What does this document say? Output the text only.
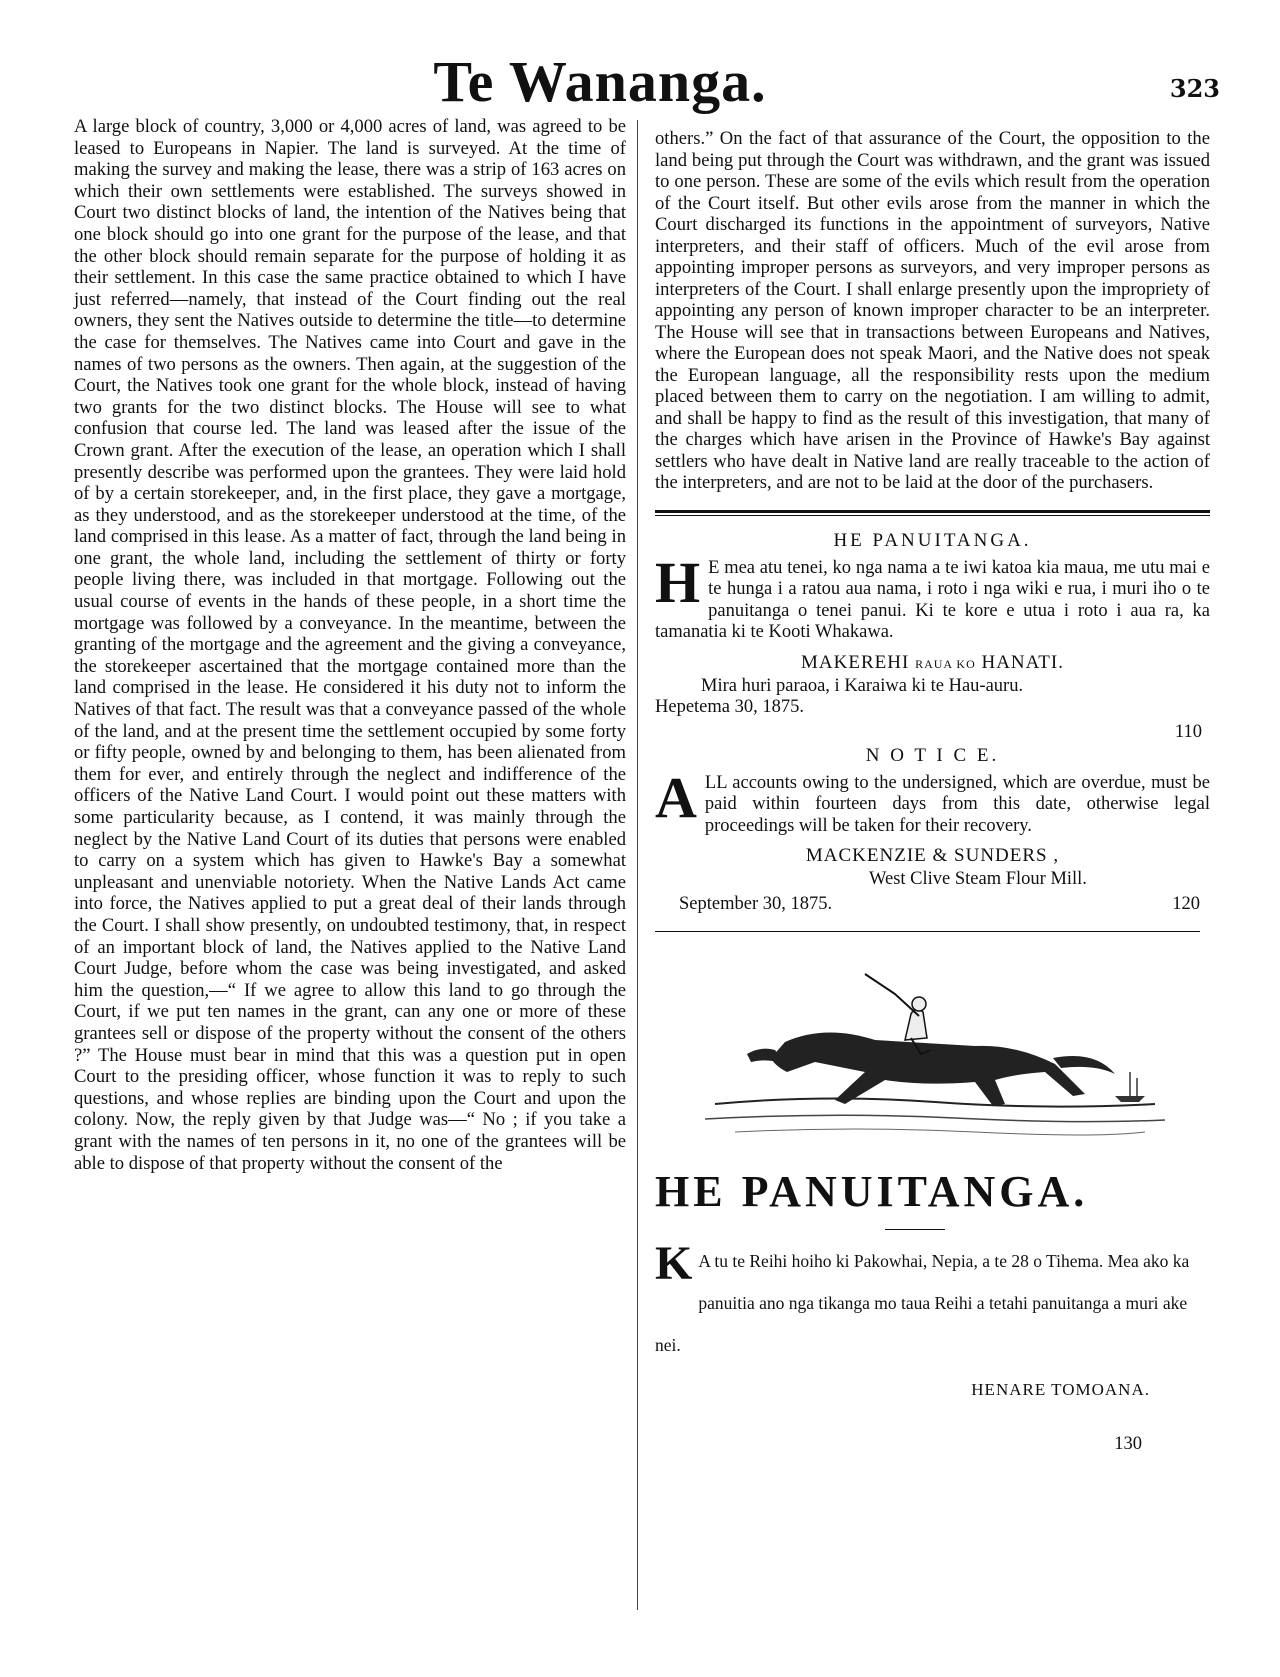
Te Wananga.	323

A large block of country, 3,000 or 4,000 acres of land, was agreed to be leased to Europeans in Napier. The land is surveyed. At the time of making the survey and making the lease, there was a strip of 163 acres on which their own settlements were established. The surveys showed in Court two distinct blocks of land, the intention of the Natives being that one block should go into one grant for the purpose of the lease, and that the other block should remain separate for the purpose of holding it as their settlement. In this case the same practice obtained to which I have just referred—namely, that instead of the Court finding out the real owners, they sent the Natives outside to determine the title—to determine the case for themselves. The Natives came into Court and gave in the names of two persons as the owners. Then again, at the suggestion of the Court, the Natives took one grant for the whole block, instead of having two grants for the two distinct blocks. The House will see to what confusion that course led. The land was leased after the issue of the Crown grant. After the execution of the lease, an operation which I shall presently describe was performed upon the grantees. They were laid hold of by a certain storekeeper, and, in the first place, they gave a mortgage, as they understood, and as the storekeeper understood at the time, of the land comprised in this lease. As a matter of fact, through the land being in one grant, the whole land, including the settlement of thirty or forty people living there, was included in that mortgage. Following out the usual course of events in the hands of these people, in a short time the mortgage was followed by a conveyance. In the meantime, between the granting of the mortgage and the agreement and the giving a conveyance, the storekeeper ascertained that the mortgage contained more than the land comprised in the lease. He considered it his duty not to inform the Natives of that fact. The result was that a conveyance passed of the whole of the land, and at the present time the settlement occupied by some forty or fifty people, owned by and belonging to them, has been alienated from them for ever, and entirely through the neglect and indifference of the officers of the Native Land Court. I would point out these matters with some particularity because, as I contend, it was mainly through the neglect by the Native Land Court of its duties that persons were enabled to carry on a system which has given to Hawke's Bay a somewhat unpleasant and unenviable notoriety. When the Native Lands Act came into force, the Natives applied to put a great deal of their lands through the Court. I shall show presently, on undoubted testimony, that, in respect of an important block of land, the Natives applied to the Native Land Court Judge, before whom the case was being investigated, and asked him the question,—“ If we agree to allow this land to go through the Court, if we put ten names in the grant, can any one or more of these grantees sell or dispose of the property without the consent of the others ?” The House must bear in mind that this was a question put in open Court to the presiding officer, whose function it was to reply to such questions, and whose replies are binding upon the Court and upon the colony. Now, the reply given by that Judge was—“ No ; if you take a grant with the names of ten persons in it, no one of the grantees will be able to dispose of that property without the consent of the

others.” On the fact of that assurance of the Court, the opposition to the land being put through the Court was withdrawn, and the grant was issued to one person. These are some of the evils which result from the operation of the Court itself. But other evils arose from the manner in which the Court discharged its functions in the appointment of surveyors, Native interpreters, and their staff of officers. Much of the evil arose from appointing improper persons as surveyors, and very improper persons as interpreters of the Court. I shall enlarge presently upon the impropriety of appointing any person of known improper character to be an interpreter. The House will see that in transactions between Europeans and Natives, where the European does not speak Maori, and the Native does not speak the European language, all the responsibility rests upon the medium placed between them to carry on the negotiation. I am willing to admit, and shall be happy to find as the result of this investigation, that many of the charges which have arisen in the Province of Hawke's Bay against settlers who have dealt in Native land are really traceable to the action of the interpreters, and are not to be laid at the door of the purchasers.

HE PANUITANGA.

H E mea atu tenei, ko nga nama a te iwi katoa kia maua, me utu mai e te hunga i a ratou aua nama, i roto i nga wiki e rua, i muri iho o te panuitanga o tenei panui. Ki te kore e utua i roto i aua ra, ka tamanatia ki te Kooti Whakawa.

MAKEREHI RAUA KO HANATI.

Mira huri paraoa, i Karaiwa ki te Hau-auru.

Hepetema 30, 1875.

110

N O T I C E.

ALL accounts owing to the undersigned, which are overdue, must be paid within fourteen days from this date, otherwise legal proceedings will be taken for their recovery.

MACKENZIE & SUNDERS ,

West Clive Steam Flour Mill.

September 30, 1875.	120

HE PANUITANGA.

K A tu te Reihi hoiho ki Pakowhai, Nepia, a te 28 o Tihema. Mea ako ka panuitia ano nga tikanga mo taua Reihi a tetahi panuitanga a muri ake nei.

HENARE TOMOANA.

130
